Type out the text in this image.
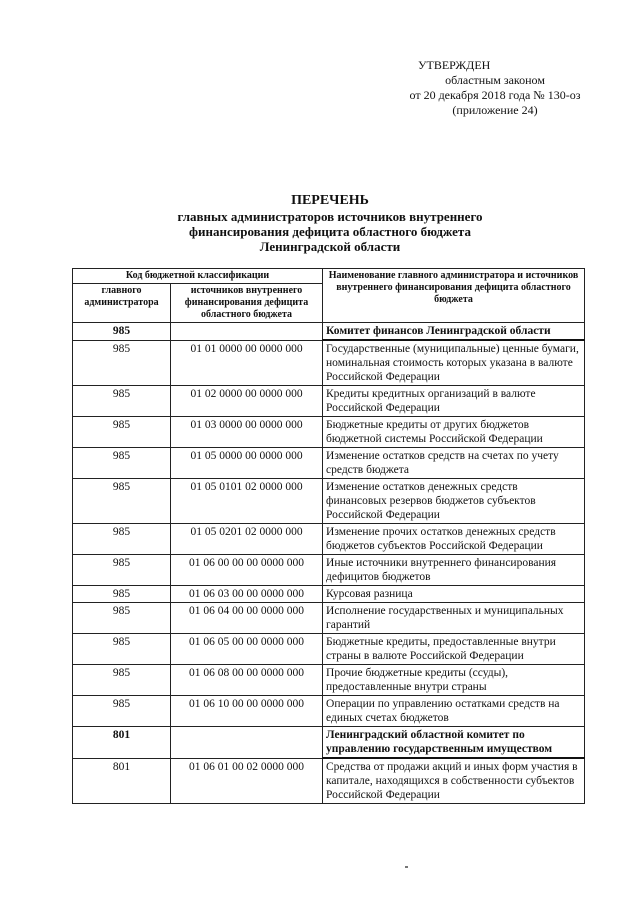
УТВЕРЖДЕН
областным законом
от 20 декабря 2018 года № 130-оз
(приложение 24)
ПЕРЕЧЕНЬ
главных администраторов источников внутреннего
финансирования дефицита областного бюджета
Ленинградской области
Код бюджетной классификации		Наименование главного администратора и источников внутреннего финансирования дефицита областного бюджета
главного администратора	источников внутреннего финансирования дефицита областного бюджета	
985		Комитет финансов Ленинградской области
985	01 01 0000 00 0000 000	Государственные (муниципальные) ценные бумаги, номинальная стоимость которых указана в валюте Российской Федерации
985	01 02 0000 00 0000 000	Кредиты кредитных организаций в валюте Российской Федерации
985	01 03 0000 00 0000 000	Бюджетные кредиты от других бюджетов бюджетной системы Российской Федерации
985	01 05 0000 00 0000 000	Изменение остатков средств на счетах по учету средств бюджета
985	01 05 0101 02 0000 000	Изменение остатков денежных средств финансовых резервов бюджетов субъектов Российской Федерации
985	01 05 0201 02 0000 000	Изменение прочих остатков денежных средств бюджетов субъектов Российской Федерации
985	01 06 00 00 00 0000 000	Иные источники внутреннего финансирования дефицитов бюджетов
985	01 06 03 00 00 0000 000	Курсовая разница
985	01 06 04 00 00 0000 000	Исполнение государственных и муниципальных гарантий
985	01 06 05 00 00 0000 000	Бюджетные кредиты, предоставленные внутри страны в валюте Российской Федерации
985	01 06 08 00 00 0000 000	Прочие бюджетные кредиты (ссуды), предоставленные внутри страны
985	01 06 10 00 00 0000 000	Операции по управлению остатками средств на единых счетах бюджетов
801		Ленинградский областной комитет по управлению государственным имуществом
801	01 06 01 00 02 0000 000	Средства от продажи акций и иных форм участия в капитале, находящихся в собственности субъектов Российской Федерации
